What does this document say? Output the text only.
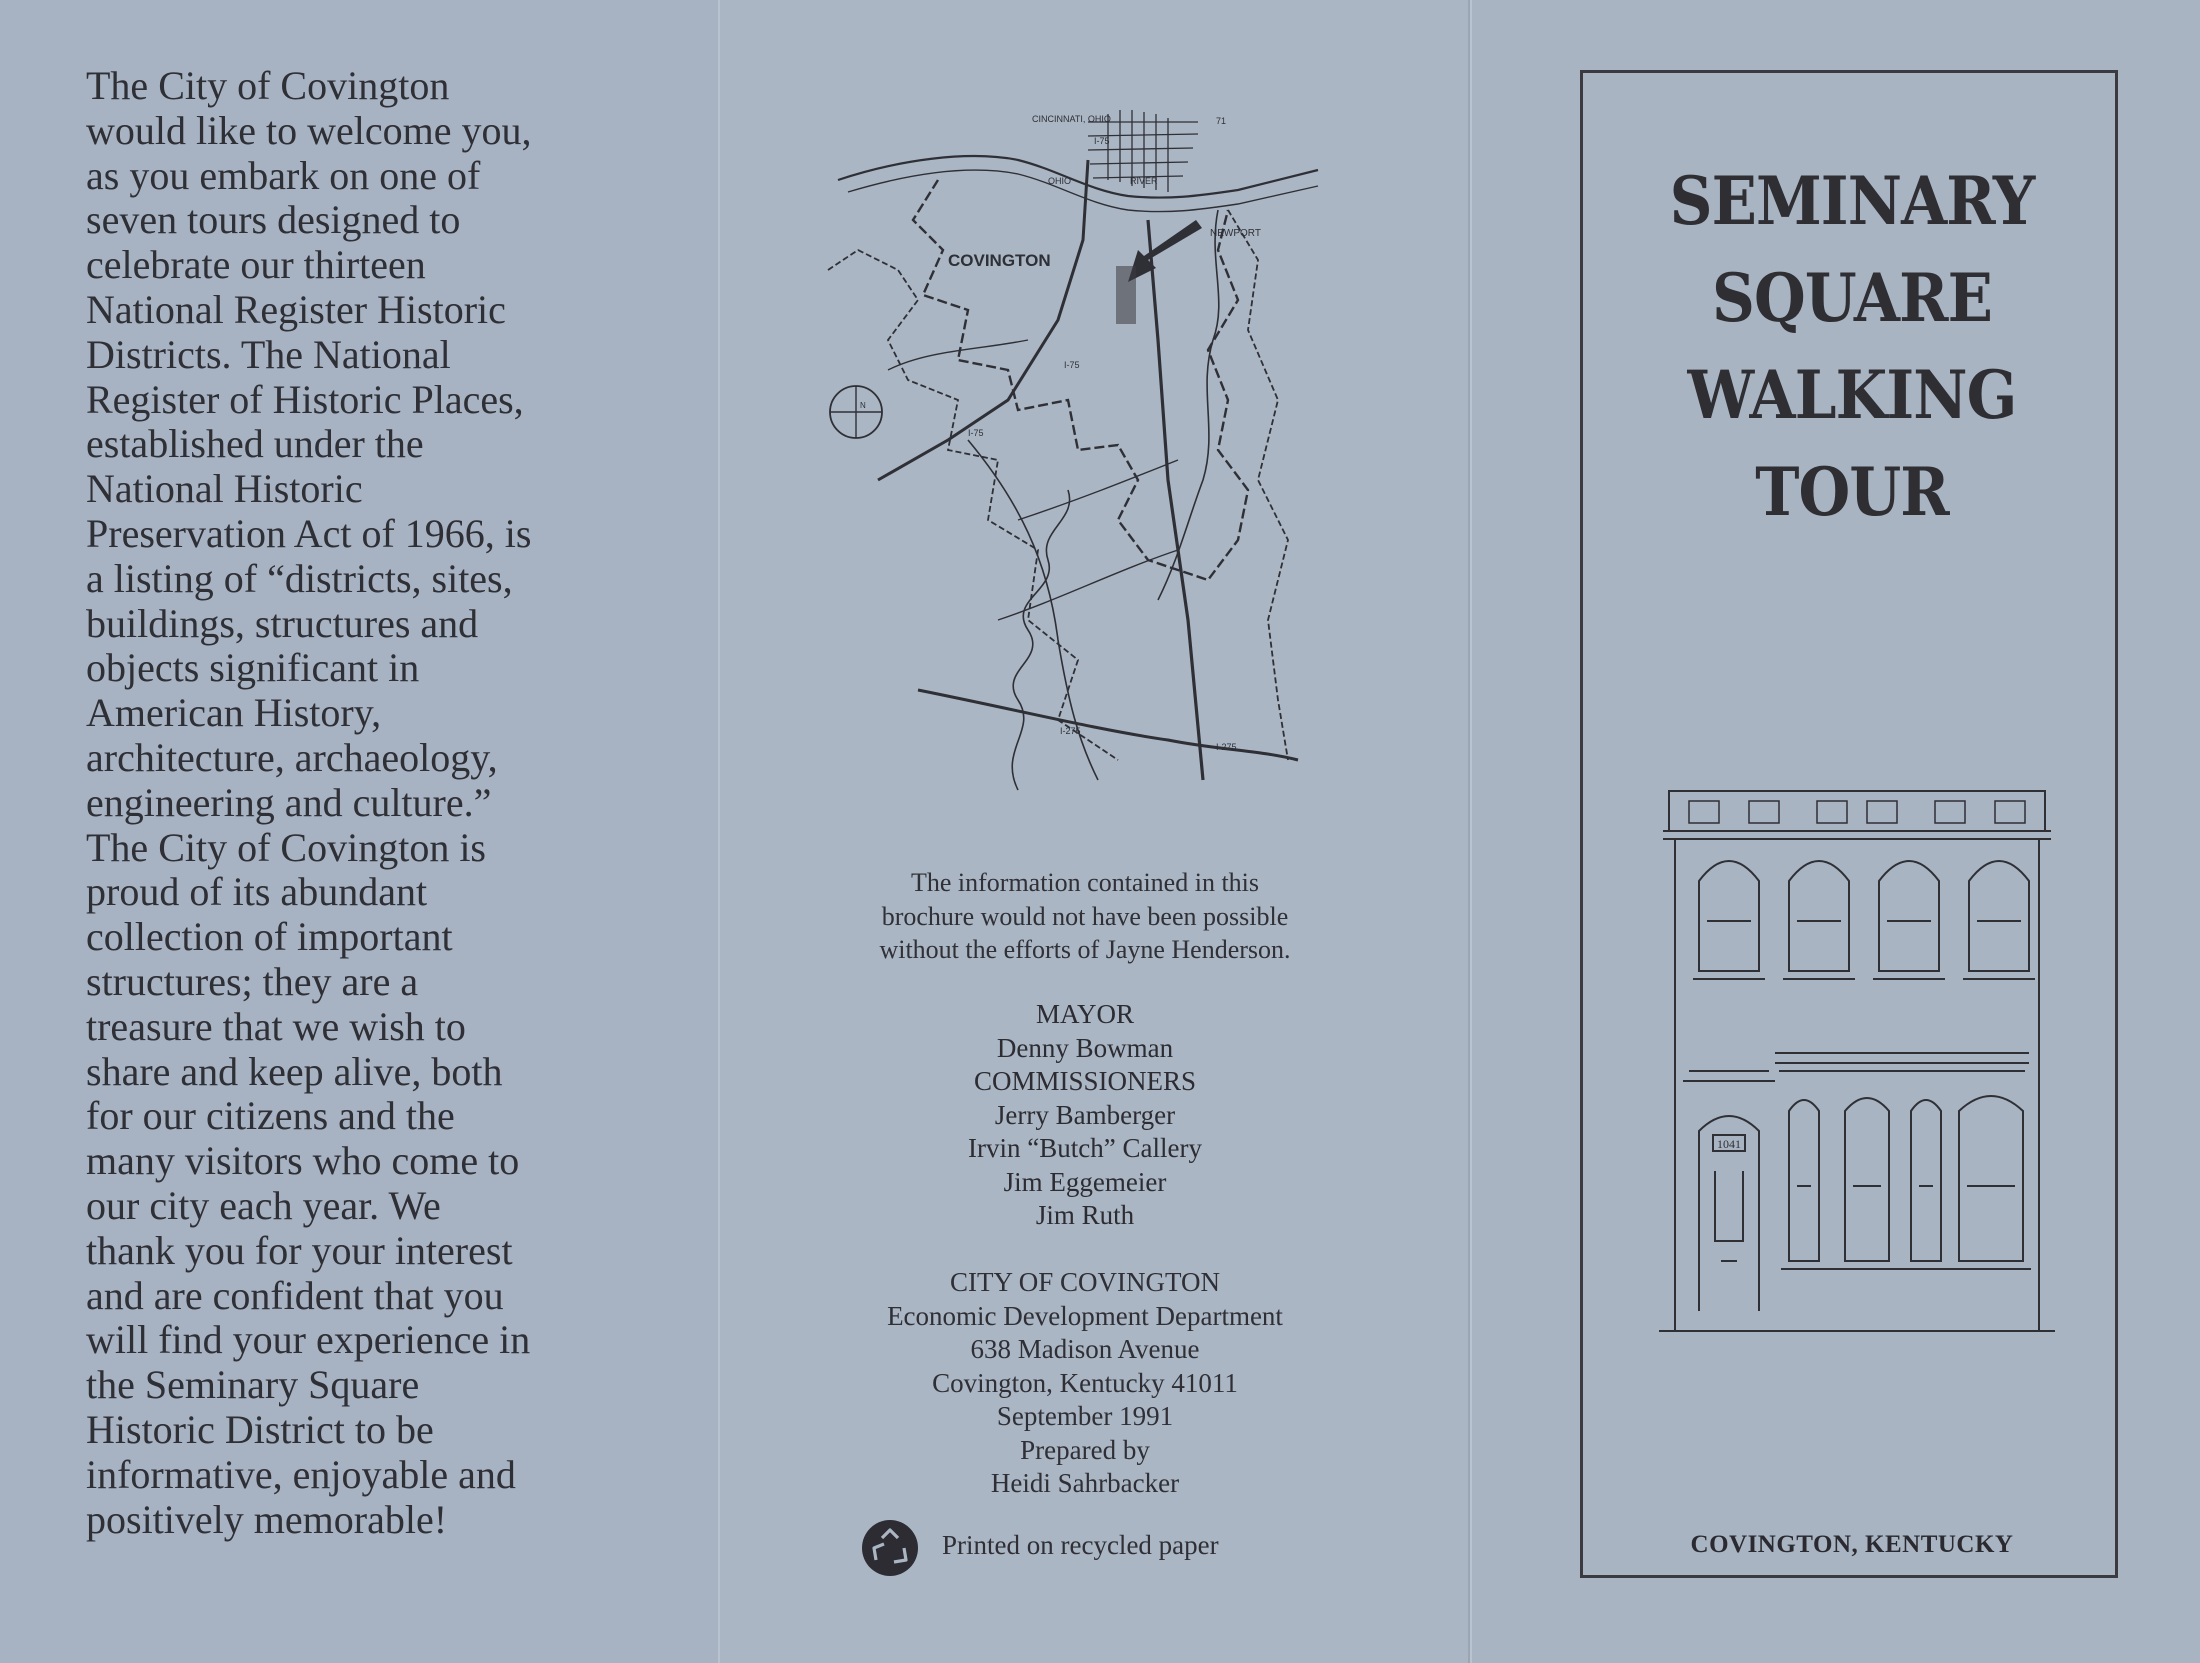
The City of Covington
would like to welcome you,
as you embark on one of
seven tours designed to
celebrate our thirteen
National Register Historic
Districts. The National
Register of Historic Places,
established under the
National Historic
Preservation Act of 1966, is
a listing of “districts, sites,
buildings, structures and
objects significant in
American History,
architecture, archaeology,
engineering and culture.”
The City of Covington is
proud of its abundant
collection of important
structures; they are a
treasure that we wish to
share and keep alive, both
for our citizens and the
many visitors who come to
our city each year. We
thank you for your interest
and are confident that you
will find your experience in
the Seminary Square
Historic District to be
informative, enjoyable and
positively memorable!
CINCINNATI, OHIO	71
I-75
OHIO	RIVER
NEWPORT
COVINGTON
I-75
I-75
N
I-275
I-275
The information contained in this
brochure would not have been possible
without the efforts of Jayne Henderson.
MAYOR
Denny Bowman
COMMISSIONERS
Jerry Bamberger
Irvin “Butch” Callery
Jim Eggemeier
Jim Ruth
CITY OF COVINGTON
Economic Development Department
638 Madison Avenue
Covington, Kentucky 41011
September 1991
Prepared by
Heidi Sahrbacker
Printed on recycled paper
SEMINARY
SQUARE
WALKING
TOUR
1041
COVINGTON, KENTUCKY
